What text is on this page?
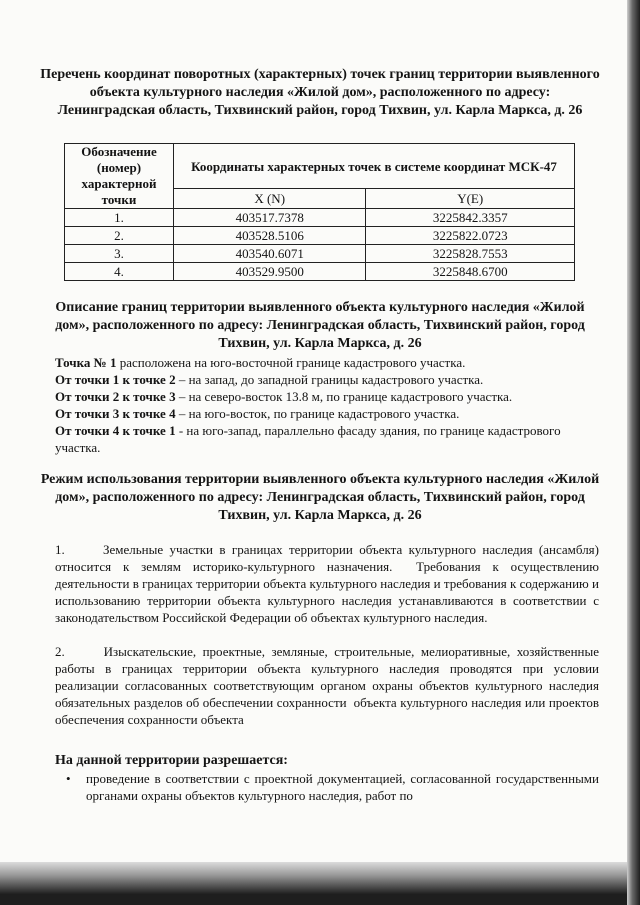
Перечень координат поворотных (характерных) точек границ территории выявленного объекта культурного наследия «Жилой дом», расположенного по адресу: Ленинградская область, Тихвинский район, город Тихвин, ул. Карла Маркса, д. 26
Обозначение (номер) характерной точки	Координаты характерных точек в системе координат МСК-47	
	X (N)	Y(E)
1.	403517.7378	3225842.3357
2.	403528.5106	3225822.0723
3.	403540.6071	3225828.7553
4.	403529.9500	3225848.6700
Описание границ территории выявленного объекта культурного наследия «Жилой дом», расположенного по адресу: Ленинградская область, Тихвинский район, город Тихвин, ул. Карла Маркса, д. 26

Точка № 1 расположена на юго-восточной границе кадастрового участка.

От точки 1 к точке 2 – на запад, до западной границы кадастрового участка.

От точки 2 к точке 3 – на северо-восток 13.8 м, по границе кадастрового участка.

От точки 3 к точке 4 – на юго-восток, по границе кадастрового участка.

От точки 4 к точке 1 - на юго-запад, параллельно фасаду здания, по границе кадастрового участка.

Режим использования территории выявленного объекта культурного наследия «Жилой дом», расположенного по адресу: Ленинградская область, Тихвинский район, город Тихвин, ул. Карла Маркса, д. 26
1.      Земельные участки в границах территории объекта культурного наследия (ансамбля) относится к землям историко-культурного назначения.  Требования к осуществлению деятельности в границах территории объекта культурного наследия и требования к содержанию и использованию территории объекта культурного наследия устанавливаются в соответствии с законодательством Российской Федерации об объектах культурного наследия.
2.      Изыскательские, проектные, земляные, строительные, мелиоративные, хозяйственные работы в границах территории объекта культурного наследия проводятся при условии реализации согласованных соответствующим органом охраны объектов культурного наследия обязательных разделов об обеспечении сохранности  объекта культурного наследия или проектов обеспечения сохранности объекта
На данной территории разрешается:
•	проведение в соответствии с проектной документацией, согласованной государственными органами охраны объектов культурного наследия, работ по
